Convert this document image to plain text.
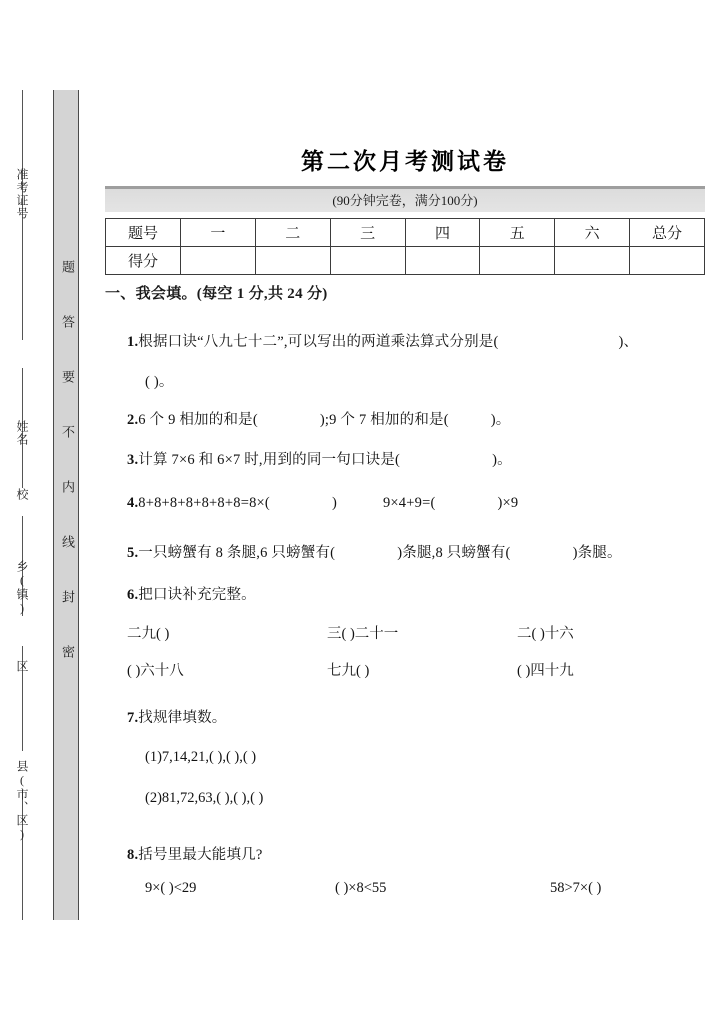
准考证号
姓名
校
乡(镇)
区
县(市、区)
题答要不内线封密
第二次月考测试卷
(90分钟完卷，满分100分)
题号	一	二	三	四	五	六	总分
得分							
一、我会填。(每空 1 分,共 24 分)
1.根据口诀“八九七十二”,可以写出的两道乘法算式分别是(	)、
( )。
2.6 个 9 相加的和是(	);9 个 7 相加的和是(	)。
3.计算 7×6 和 6×7 时,用到的同一句口诀是(	)。
4.8+8+8+8+8+8+8=8×(	)	9×4+9=(	)×9
5.一只螃蟹有 8 条腿,6 只螃蟹有(	)条腿,8 只螃蟹有(	)条腿。
6.把口诀补充完整。
二九( )	三( )二十一	二( )十六
( )六十八	七九( )	( )四十九
7.找规律填数。
(1)7,14,21,( ),( ),( )
(2)81,72,63,( ),( ),( )
8.括号里最大能填几?
9×( )<29	( )×8<55	58>7×( )
